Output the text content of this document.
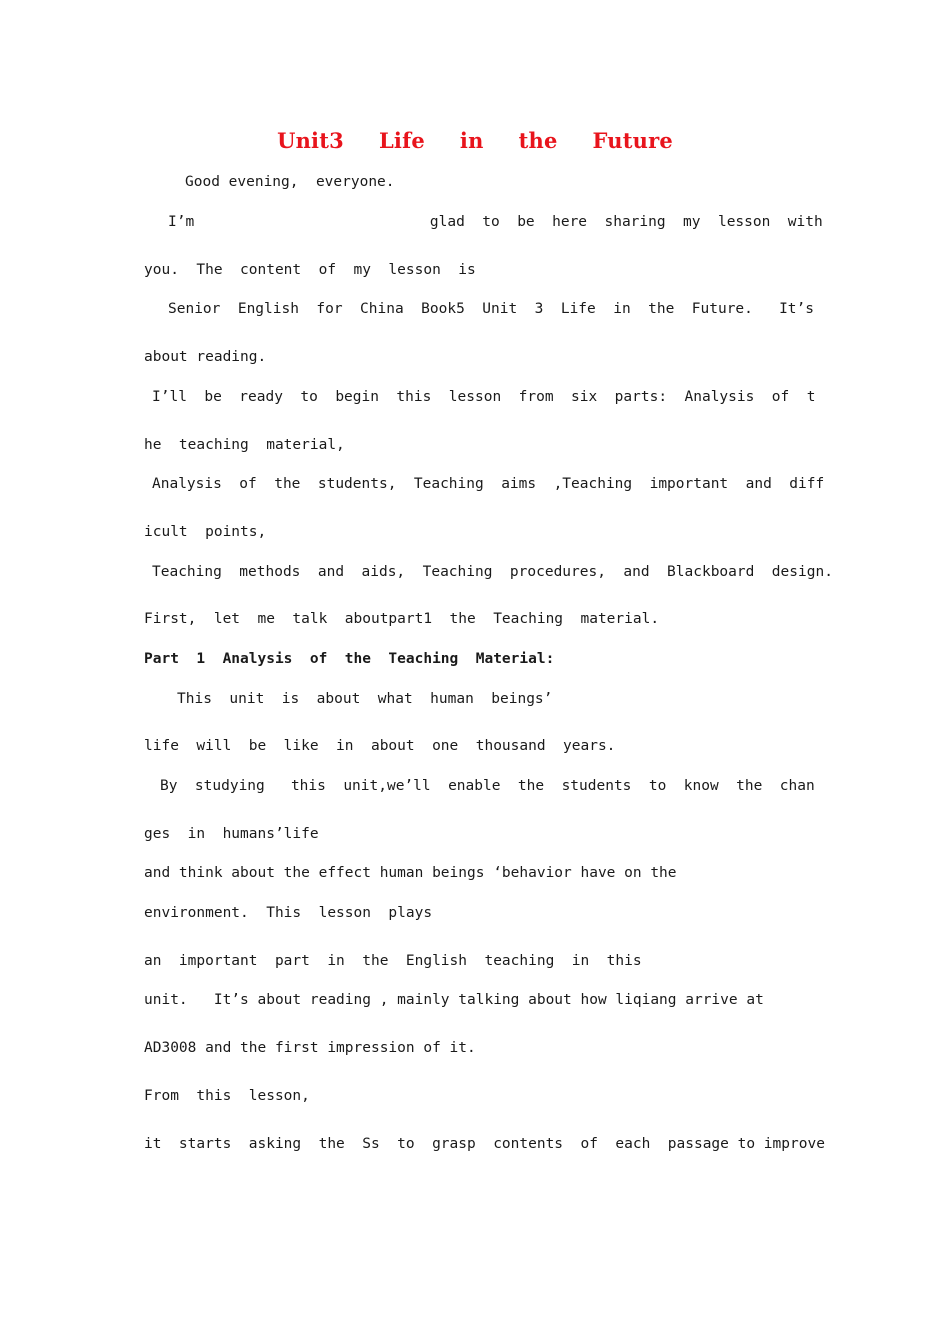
Unit3  Life  in  the  Future
Good evening,  everyone.
I’m                           glad  to  be  here  sharing  my  lesson  with
you.  The  content  of  my  lesson  is
Senior  English  for  China  Book5  Unit  3  Life  in  the  Future.   It’s
about reading.
I’ll  be  ready  to  begin  this  lesson  from  six  parts:  Analysis  of  t
he  teaching  material,
Analysis  of  the  students,  Teaching  aims  ,Teaching  important  and  diff
icult  points,
Teaching  methods  and  aids,  Teaching  procedures,  and  Blackboard  design.
First,  let  me  talk  aboutpart1  the  Teaching  material.
Part  1  Analysis  of  the  Teaching  Material:
This  unit  is  about  what  human  beings’
life  will  be  like  in  about  one  thousand  years.
By  studying   this  unit,we’ll  enable  the  students  to  know  the  chan
ges  in  humans’life
and think about the effect human beings ‘behavior have on the
environment.  This  lesson  plays
an  important  part  in  the  English  teaching  in  this
unit.   It’s about reading , mainly talking about how liqiang arrive at
AD3008 and the first impression of it.
From  this  lesson,
it  starts  asking  the  Ss  to  grasp  contents  of  each  passage to improve
